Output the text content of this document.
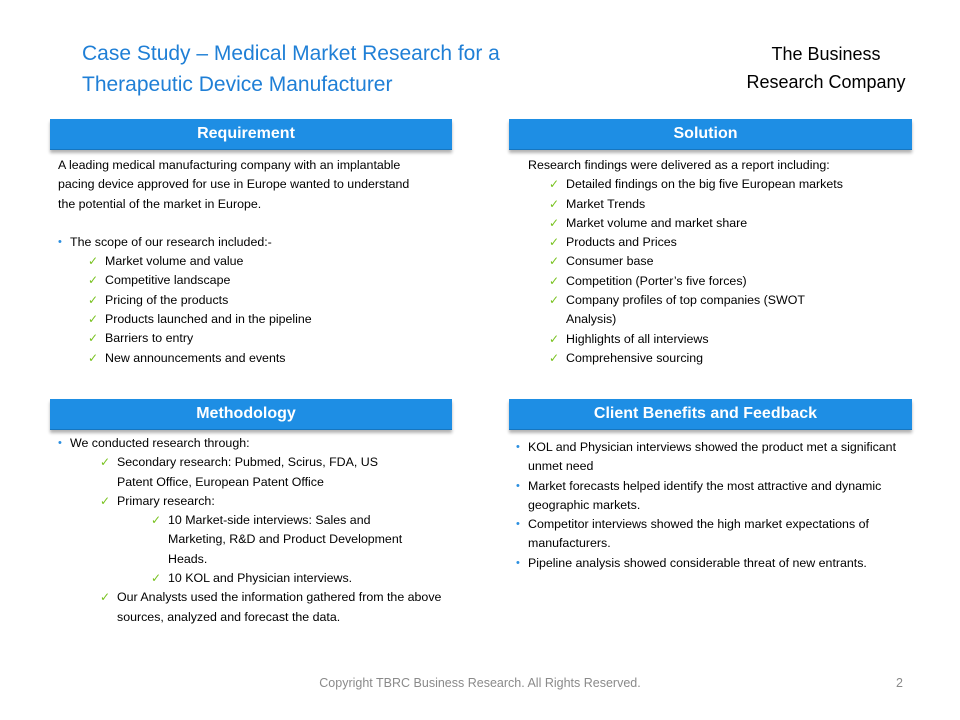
Case Study – Medical Market Research for a Therapeutic Device Manufacturer
The Business
Research Company
Requirement

A leading medical manufacturing company with an implantable pacing device approved for use in Europe wanted to understand the potential of the market in Europe.

• The scope of our research included:-
✓ Market volume and value
✓ Competitive landscape
✓ Pricing of the products
✓ Products launched and in the pipeline
✓ Barriers to entry
✓ New announcements and events
Solution

Research findings were delivered as a report including:

✓ Detailed findings on the big five European markets
✓ Market Trends
✓ Market volume and market share
✓ Products and Prices
✓ Consumer base
✓ Competition (Porter’s five forces)
✓ Company profiles of top companies (SWOT Analysis)
✓ Highlights of all interviews
✓ Comprehensive sourcing
Methodology
• We conducted research through:
✓ Secondary research: Pubmed, Scirus, FDA, US Patent Office, European Patent Office
✓ Primary research:
✓ 10 Market-side interviews: Sales and Marketing, R&D and Product Development Heads.
✓ 10 KOL and Physician interviews.
✓ Our Analysts used the information gathered from the above sources, analyzed and forecast the data.
Client Benefits and Feedback
• KOL and Physician interviews showed the product met a significant unmet need
• Market forecasts helped identify the most attractive and dynamic geographic markets.
• Competitor interviews showed the high market expectations of manufacturers.
• Pipeline analysis showed considerable threat of new entrants.
Copyright TBRC Business Research. All Rights Reserved.	2
